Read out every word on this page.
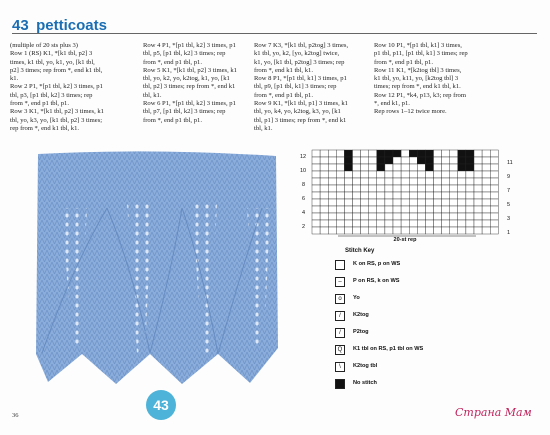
43 petticoats

(multiple of 20 sts plus 3)

Row 1 (RS) K1, *[k1 tbl, p2] 3 times, k1 tbl, yo, k1, yo, [k1 tbl, p2] 3 times; rep from *, end k1 tbl, k1.

Row 2 P1, *[p1 tbl, k2] 3 times, p1 tbl, p3, [p1 tbl, k2] 3 times; rep from *, end p1 tbl, p1.

Row 3 K1, *[k1 tbl, p2] 3 times, k1 tbl, yo, k3, yo, [k1 tbl, p2] 3 times; rep from *, end k1 tbl, k1.

Row 4 P1, *[p1 tbl, k2] 3 times, p1 tbl, p5, [p1 tbl, k2] 3 times; rep from *, end p1 tbl, p1.

Row 5 K1, *[k1 tbl, p2] 3 times, k1 tbl, yo, k2, yo, k2tog, k1, yo, [k1 tbl, p2] 3 times; rep from *, end k1 tbl, k1.

Row 6 P1, *[p1 tbl, k2] 3 times, p1 tbl, p7, [p1 tbl, k2] 3 times; rep from *, end p1 tbl, p1.

Row 7 K3, *[k1 tbl, p2tog] 3 times, k1 tbl, yo, k2, [yo, k2tog] twice, k1, yo, [k1 tbl, p2tog] 3 times; rep from *, end k1 tbl, k1.

Row 8 P1, *[p1 tbl, k1] 3 times, p1 tbl, p9, [p1 tbl, k1] 3 times; rep from *, end p1 tbl, p1.

Row 9 K1, *[k1 tbl, p1] 3 times, k1 tbl, yo, k4, yo, k2tog, k3, yo, [k1 tbl, p1] 3 times; rep from *, end k1 tbl, k1.

Row 10 P1, *[p1 tbl, k1] 3 times, p1 tbl, p11, [p1 tbl, k1] 3 times; rep from *, end p1 tbl, p1.

Row 11 K1, *[k2tog tbl] 3 times, k1 tbl, yo, k11, yo, [k2tog tbl] 3 times; rep from *, end k1 tbl, k1.

Row 12 P1, *k4, p13, k3; rep from *, end k1, p1.

Rep rows 1–12 twice more.

12
10
8
6
4
2
11
9
7
5
3
1
20-st rep
Stitch Key
K on RS, p on WS
–	P on RS, k on WS
o	Yo
/	K2tog
/	P2tog
Q	K1 tbl on RS, p1 tbl on WS
\	K2tog tbl
No stitch
43
36	Страна Мам
